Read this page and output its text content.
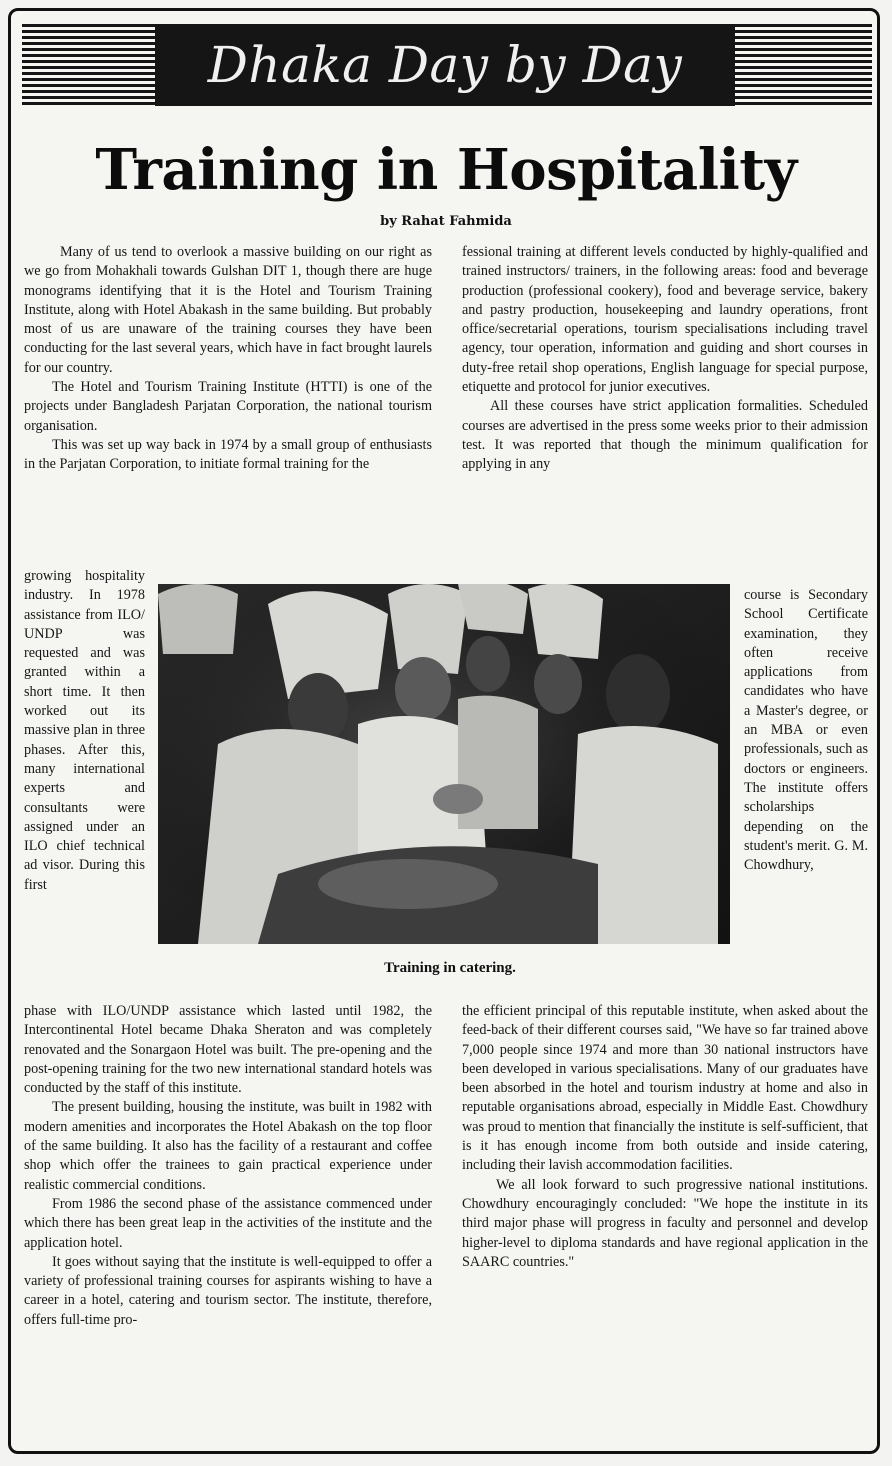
Dhaka Day by Day
Training in Hospitality
by Rahat Fahmida

Many of us tend to overlook a massive building on our right as we go from Mohakhali towards Gulshan DIT 1, though there are huge monograms identifying that it is the Hotel and Tourism Training Institute, along with Hotel Abakash in the same building. But probably most of us are unaware of the training courses they have been conducting for the last several years, which have in fact brought laurels for our country.

The Hotel and Tourism Training Institute (HTTI) is one of the projects under Bangladesh Parjatan Corporation, the national tourism organisation.

This was set up way back in 1974 by a small group of enthusiasts in the Parjatan Corporation, to initiate formal training for the

growing hospitality industry. In 1978 assistance from ILO/ UNDP was requested and was granted within a short time. It then worked out its massive plan in three phases. After this, many international experts and consultants were assigned under an ILO chief technical ad visor. During this first

phase with ILO/UNDP assistance which lasted until 1982, the Intercontinental Hotel became Dhaka Sheraton and was completely renovated and the Sonargaon Hotel was built. The pre-opening and the post-opening training for the two new international standard hotels was conducted by the staff of this institute.

The present building, housing the institute, was built in 1982 with modern amenities and incorporates the Hotel Abakash on the top floor of the same building. It also has the facility of a restaurant and coffee shop which offer the trainees to gain practical experience under realistic commercial conditions.

From 1986 the second phase of the assistance commenced under which there has been great leap in the activities of the institute and the application hotel.

It goes without saying that the institute is well-equipped to offer a variety of professional training courses for aspirants wishing to have a career in a hotel, catering and tourism sector. The institute, therefore, offers full-time pro-

fessional training at different levels conducted by highly-qualified and trained instructors/ trainers, in the following areas: food and beverage production (professional cookery), food and beverage service, bakery and pastry production, housekeeping and laundry operations, front office/secretarial operations, tourism specialisations including travel agency, tour operation, information and guiding and short courses in duty-free retail shop operations, English language for special purpose, etiquette and protocol for junior executives.

All these courses have strict application formalities. Scheduled courses are advertised in the press some weeks prior to their admission test. It was reported that though the minimum qualification for applying in any

course is Secondary School Certificate examination, they often receive applications from candidates who have a Master's degree, or an MBA or even professionals, such as doctors or engineers. The institute offers scholarships depending on the student's merit. G. M. Chowdhury,

the efficient principal of this reputable institute, when asked about the feed-back of their different courses said, "We have so far trained above 7,000 people since 1974 and more than 30 national instructors have been developed in various specialisations. Many of our graduates have been absorbed in the hotel and tourism industry at home and also in reputable organisations abroad, especially in Middle East. Chowdhury was proud to mention that financially the institute is self-sufficient, that is it has enough income from both outside and inside catering, including their lavish accommodation facilities.

We all look forward to such progressive national institutions. Chowdhury encouragingly concluded: "We hope the institute in its third major phase will progress in faculty and personnel and develop higher-level to diploma standards and have regional application in the SAARC countries."

Training in catering.
